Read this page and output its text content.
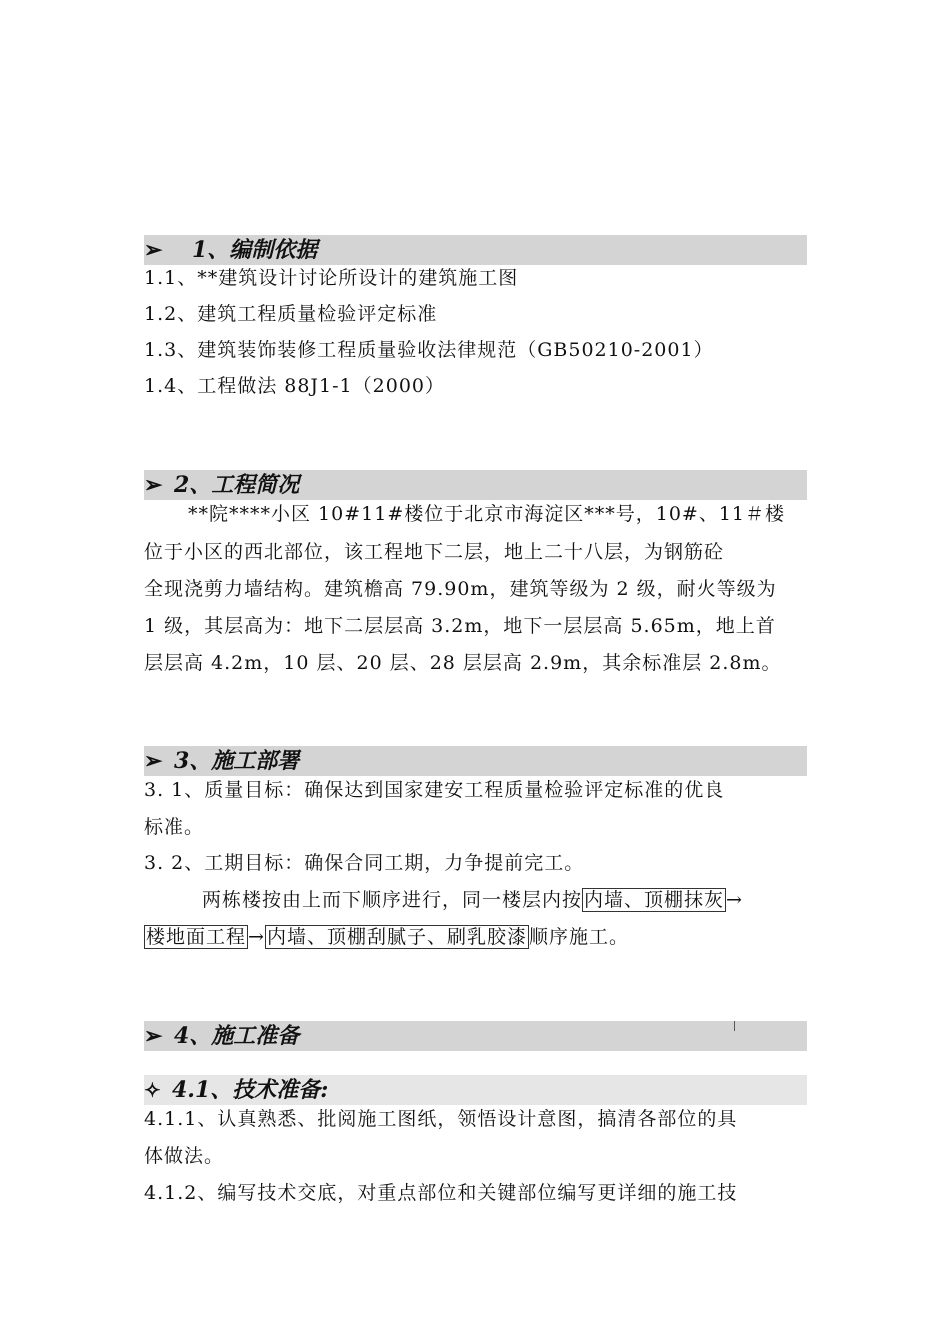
➢ 1、编制依据
1.1、**建筑设计讨论所设计的建筑施工图
1.2、建筑工程质量检验评定标准
1.3、建筑装饰装修工程质量验收法律规范（GB50210-2001）
1.4、工程做法 88J1-1（2000）
➢ 2、工程简况
**院****小区 10#11#楼位于北京市海淀区***号，10#、11＃楼
位于小区的西北部位，该工程地下二层，地上二十八层，为钢筋砼
全现浇剪力墙结构。建筑檐高 79.90m，建筑等级为 2 级，耐火等级为
1 级，其层高为：地下二层层高 3.2m，地下一层层高 5.65m，地上首
层层高 4.2m，10 层、20 层、28 层层高 2.9m，其余标准层 2.8m。
➢ 3、施工部署
3. 1、质量目标：确保达到国家建安工程质量检验评定标准的优良
标准。
3. 2、工期目标：确保合同工期，力争提前完工。
两栋楼按由上而下顺序进行，同一楼层内按 内墙、顶棚抹灰 →
楼地面工程 → 内墙、顶棚刮腻子、刷乳胶漆 顺序施工。
➢ 4、施工准备
✧ 4.1、技术准备:
4.1.1、认真熟悉、批阅施工图纸，领悟设计意图，搞清各部位的具
体做法。
4.1.2、编写技术交底，对重点部位和关键部位编写更详细的施工技
